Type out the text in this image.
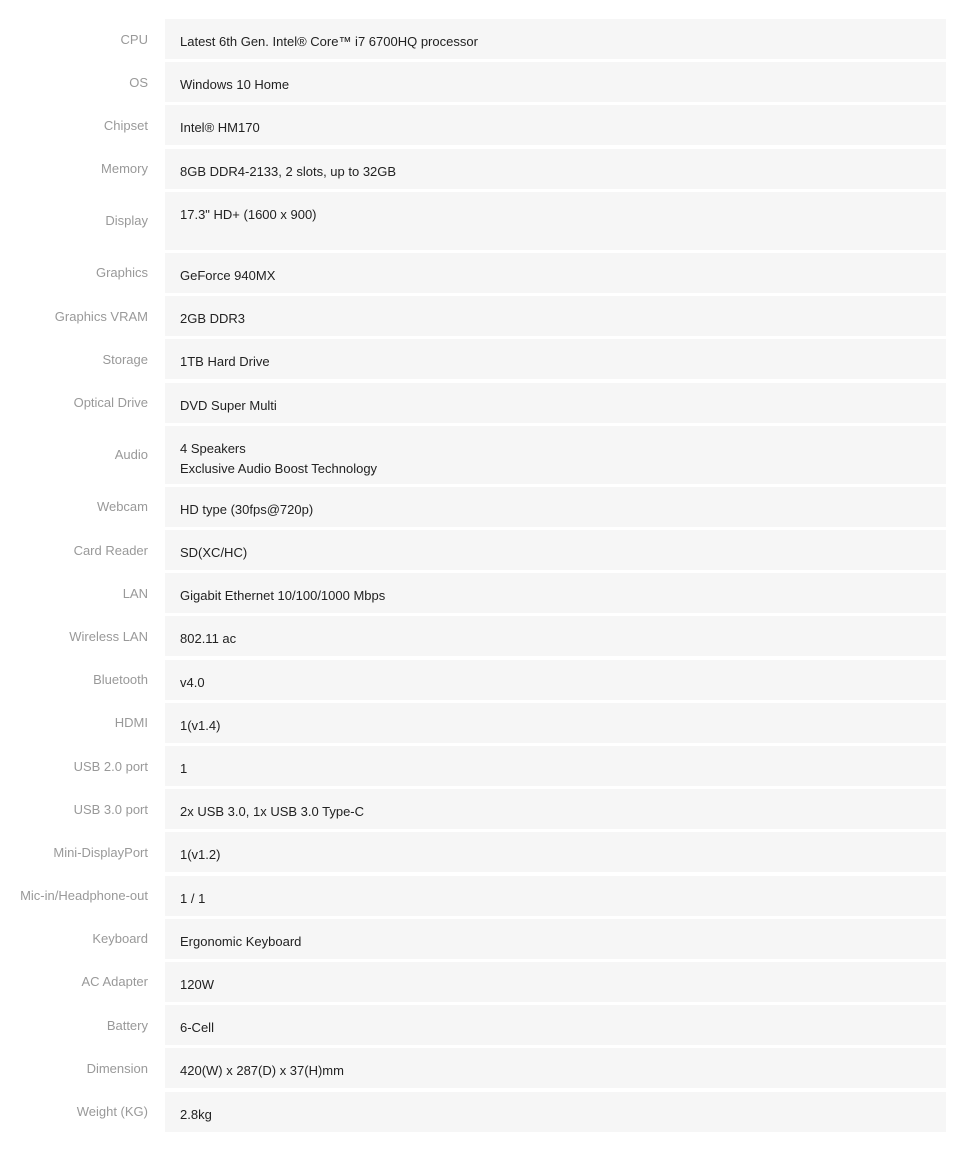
CPU	Latest 6th Gen. Intel® Core™ i7 6700HQ processor
OS	Windows 10 Home
Chipset	Intel® HM170
Memory	8GB DDR4-2133, 2 slots, up to 32GB
Display	17.3" HD+ (1600 x 900)
Graphics	GeForce 940MX
Graphics VRAM	2GB DDR3
Storage	1TB Hard Drive
Optical Drive	DVD Super Multi
Audio	4 Speakers
Exclusive Audio Boost Technology
Webcam	HD type (30fps@720p)
Card Reader	SD(XC/HC)
LAN	Gigabit Ethernet 10/100/1000 Mbps
Wireless LAN	802.11 ac
Bluetooth	v4.0
HDMI	1(v1.4)
USB 2.0 port	1
USB 3.0 port	2x USB 3.0, 1x USB 3.0 Type-C
Mini-DisplayPort	1(v1.2)
Mic-in/Headphone-out	1 / 1
Keyboard	Ergonomic Keyboard
AC Adapter	120W
Battery	6-Cell
Dimension	420(W) x 287(D) x 37(H)mm
Weight (KG)	2.8kg
